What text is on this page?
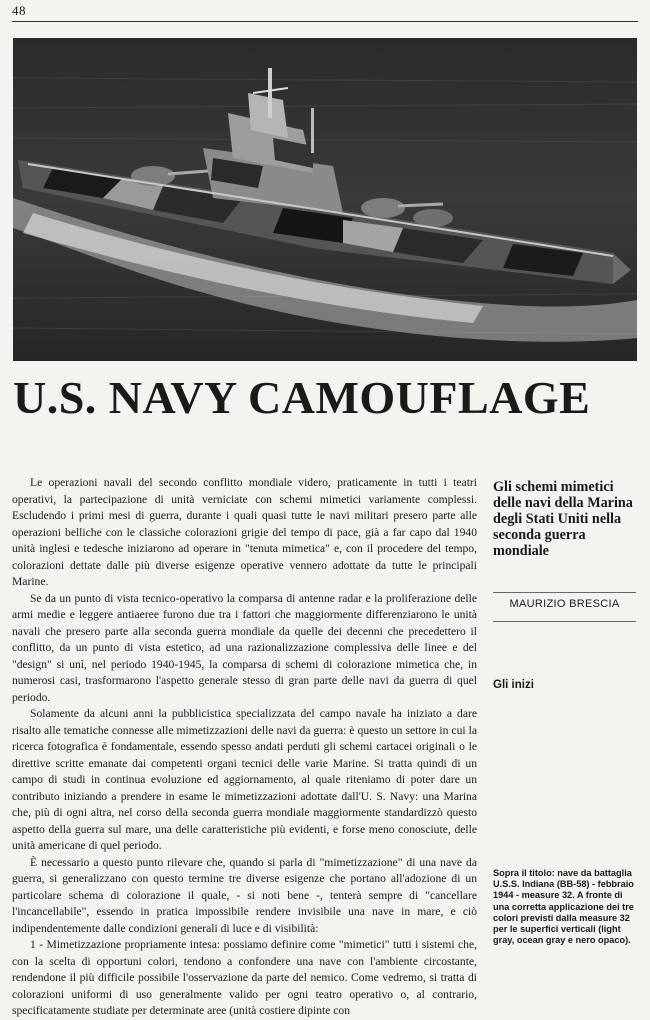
48
U.S. NAVY CAMOUFLAGE

Le operazioni navali del secondo conflitto mondiale videro, praticamente in tutti i teatri operativi, la partecipazione di unità verniciate con schemi mimetici variamente complessi. Escludendo i primi mesi di guerra, durante i quali quasi tutte le navi militari presero parte alle operazioni belliche con le classiche colorazioni grigie del tempo di pace, già a far capo dal 1940 unità inglesi e tedesche iniziarono ad operare in "tenuta mimetica" e, con il procedere del tempo, colorazioni dettate dalle più diverse esigenze operative vennero adottate da tutte le principali Marine.

Se da un punto di vista tecnico-operativo la comparsa di antenne radar e la proliferazione delle armi medie e leggere antiaeree furono due tra i fattori che maggiormente differenziarono le unità navali che presero parte alla seconda guerra mondiale da quelle dei decenni che precedettero il conflitto, da un punto di vista estetico, ad una razionalizzazione complessiva delle linee e del "design" si unì, nel periodo 1940-1945, la comparsa di schemi di colorazione mimetica che, in numerosi casi, trasformarono l'aspetto generale stesso di gran parte delle navi da guerra di quel periodo.

Solamente da alcuni anni la pubblicistica specializzata del campo navale ha iniziato a dare risalto alle tematiche connesse alle mimetizzazioni delle navi da guerra: è questo un settore in cui la ricerca fotografica è fondamentale, essendo spesso andati perduti gli schemi cartacei originali o le direttive scritte emanate dai competenti organi tecnici delle varie Marine. Si tratta quindi di un campo di studi in continua evoluzione ed aggiornamento, al quale riteniamo di poter dare un contributo iniziando a prendere in esame le mimetizzazioni adottate dall'U. S. Navy: una Marina che, più di ogni altra, nel corso della seconda guerra mondiale maggiormente standardizzò questo aspetto della guerra sul mare, una delle caratteristiche più evidenti, e forse meno conosciute, delle unità americane di quel periodo.

È necessario a questo punto rilevare che, quando si parla di "mimetizzazione" di una nave da guerra, si generalizzano con questo termine tre diverse esigenze che portano all'adozione di un particolare schema di colorazione il quale, - si noti bene -, tenterà sempre di "cancellare l'incancellabile", essendo in pratica impossibile rendere invisibile una nave in mare, e ciò indipendentemente dalle condizioni generali di luce e di visibilità:

1 - Mimetizzazione propriamente intesa: possiamo definire come "mimetici" tutti i sistemi che, con la scelta di opportuni colori, tendono a confondere una nave con l'ambiente circostante, rendendone il più difficile possibile l'osservazione da parte del nemico. Come vedremo, si tratta di colorazioni uniformi di uso generalmente valido per ogni teatro operativo o, al contrario, specificatamente studiate per determinate aree (unità costiere dipinte con

Gli schemi mimetici delle navi della Marina degli Stati Uniti nella seconda guerra mondiale
MAURIZIO BRESCIA
Gli inizi
Sopra il titolo: nave da battaglia U.S.S. Indiana (BB-58) - febbraio 1944 - measure 32. A fronte di una corretta applicazione dei tre colori previsti dalla measure 32 per le superfici verticali (light gray, ocean gray e nero opaco).
